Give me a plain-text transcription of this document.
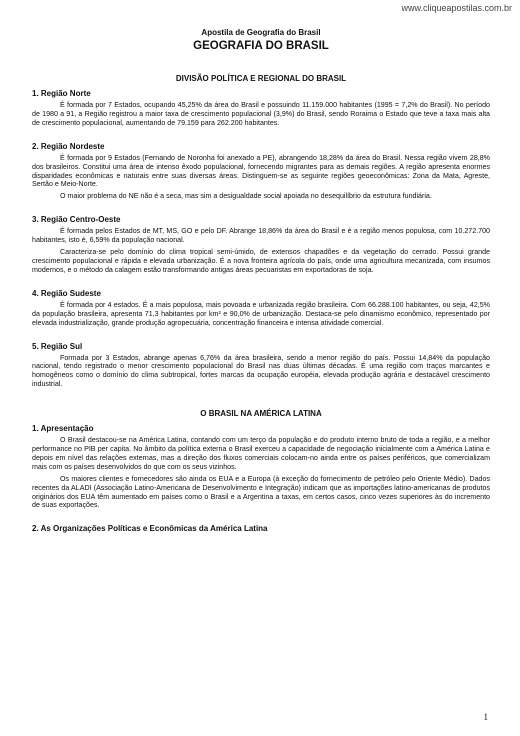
www.cliqueapostilas.com.br
Apostila de Geografia do Brasil
GEOGRAFIA DO BRASIL
DIVISÃO POLÍTICA E REGIONAL DO BRASIL
1. Região Norte

É formada por 7 Estados, ocupando 45,25% da área do Brasil e possuindo 11.159.000 habitantes (1995 = 7,2% do Brasil). No período de 1980 a 91, a Região registrou a maior taxa de crescimento populacional (3,9%) do Brasil, sendo Roraima o Estado que teve a taxa mais alta de crescimento populacional, aumentando de 79.159 para 262.200 habitantes.

2. Região Nordeste

É formada por 9 Estados (Fernando de Noronha foi anexado a PE), abrangendo 18,28% da área do Brasil. Nessa região vivem 28,8% dos brasileiros. Constitui uma área de intenso êxodo populacional, fornecendo migrantes para as demais regiões. A região apresenta enormes disparidades econômicas e naturais entre suas diversas áreas. Distinguem-se as seguinte regiões geoeconômicas: Zona da Mata, Agreste, Sertão e Meio-Norte.

O maior problema do NE não é a seca, mas sim a desigualdade social apoiada no desequilíbrio da estrutura fundiária.

3. Região Centro-Oeste

É formada pelos Estados de MT, MS, GO e pelo DF. Abrange 18,86% da área do Brasil e é a região menos populosa, com 10.272.700 habitantes, isto é, 6,59% da população nacional.

Caracteriza-se pelo domínio do clima tropical semi-úmido, de extensos chapadões e da vegetação do cerrado. Possui grande crescimento populacional e rápida e elevada urbanização. É a nova fronteira agrícola do país, onde uma agricultura mecanizada, com insumos modernos, e o método da calagem estão transformando antigas áreas pecuaristas em exportadoras de soja.

4. Região Sudeste

É formada por 4 estados. É a mais populosa, mais povoada e urbanizada região brasileira. Com 66.288.100 habitantes, ou seja, 42,5% da população brasileira, apresenta 71,3 habitantes por km² e 90,0% de urbanização. Destaca-se pelo dinamismo econômico, representado por elevada industrialização, grande produção agropecuária, concentração financeira e intensa atividade comercial.

5. Região Sul

Formada por 3 Estados, abrange apenas 6,76% da área brasileira, sendo a menor região do país. Possui 14,84% da população nacional, tendo registrado o menor crescimento populacional do Brasil nas duas últimas décadas. É uma região com traços marcantes e homogêneos como o domínio do clima subtropical, fortes marcas da ocupação européia, elevada produção agrária e destacável crescimento industrial.

O BRASIL NA AMÉRICA LATINA
1. Apresentação

O Brasil destacou-se na América Latina, contando com um terço da população e do produto interno bruto de toda a região, e a melhor performance no PIB per capita. No âmbito da política externa o Brasil exerceu a capacidade de negociação inicialmente com a América Latina e depois em nível das relações externas, mas a direção dos fluxos comerciais colocam-no ainda entre os países periféricos, que comercializam mais com os países desenvolvidos do que com os seus vizinhos.

Os maiores clientes e fornecedores são ainda os EUA e a Europa (à exceção do fornecimento de petróleo pelo Oriente Médio). Dados recentes da ALADI (Associação Latino-Americana de Desenvolvimento e Integração) indicam que as importações latino-americanas de produtos originários dos EUA têm aumentado em países como o Brasil e a Argentina a taxas, em certos casos, cinco vezes superiores às do incremento de suas exportações.

2. As Organizações Políticas e Econômicas da América Latina
1
